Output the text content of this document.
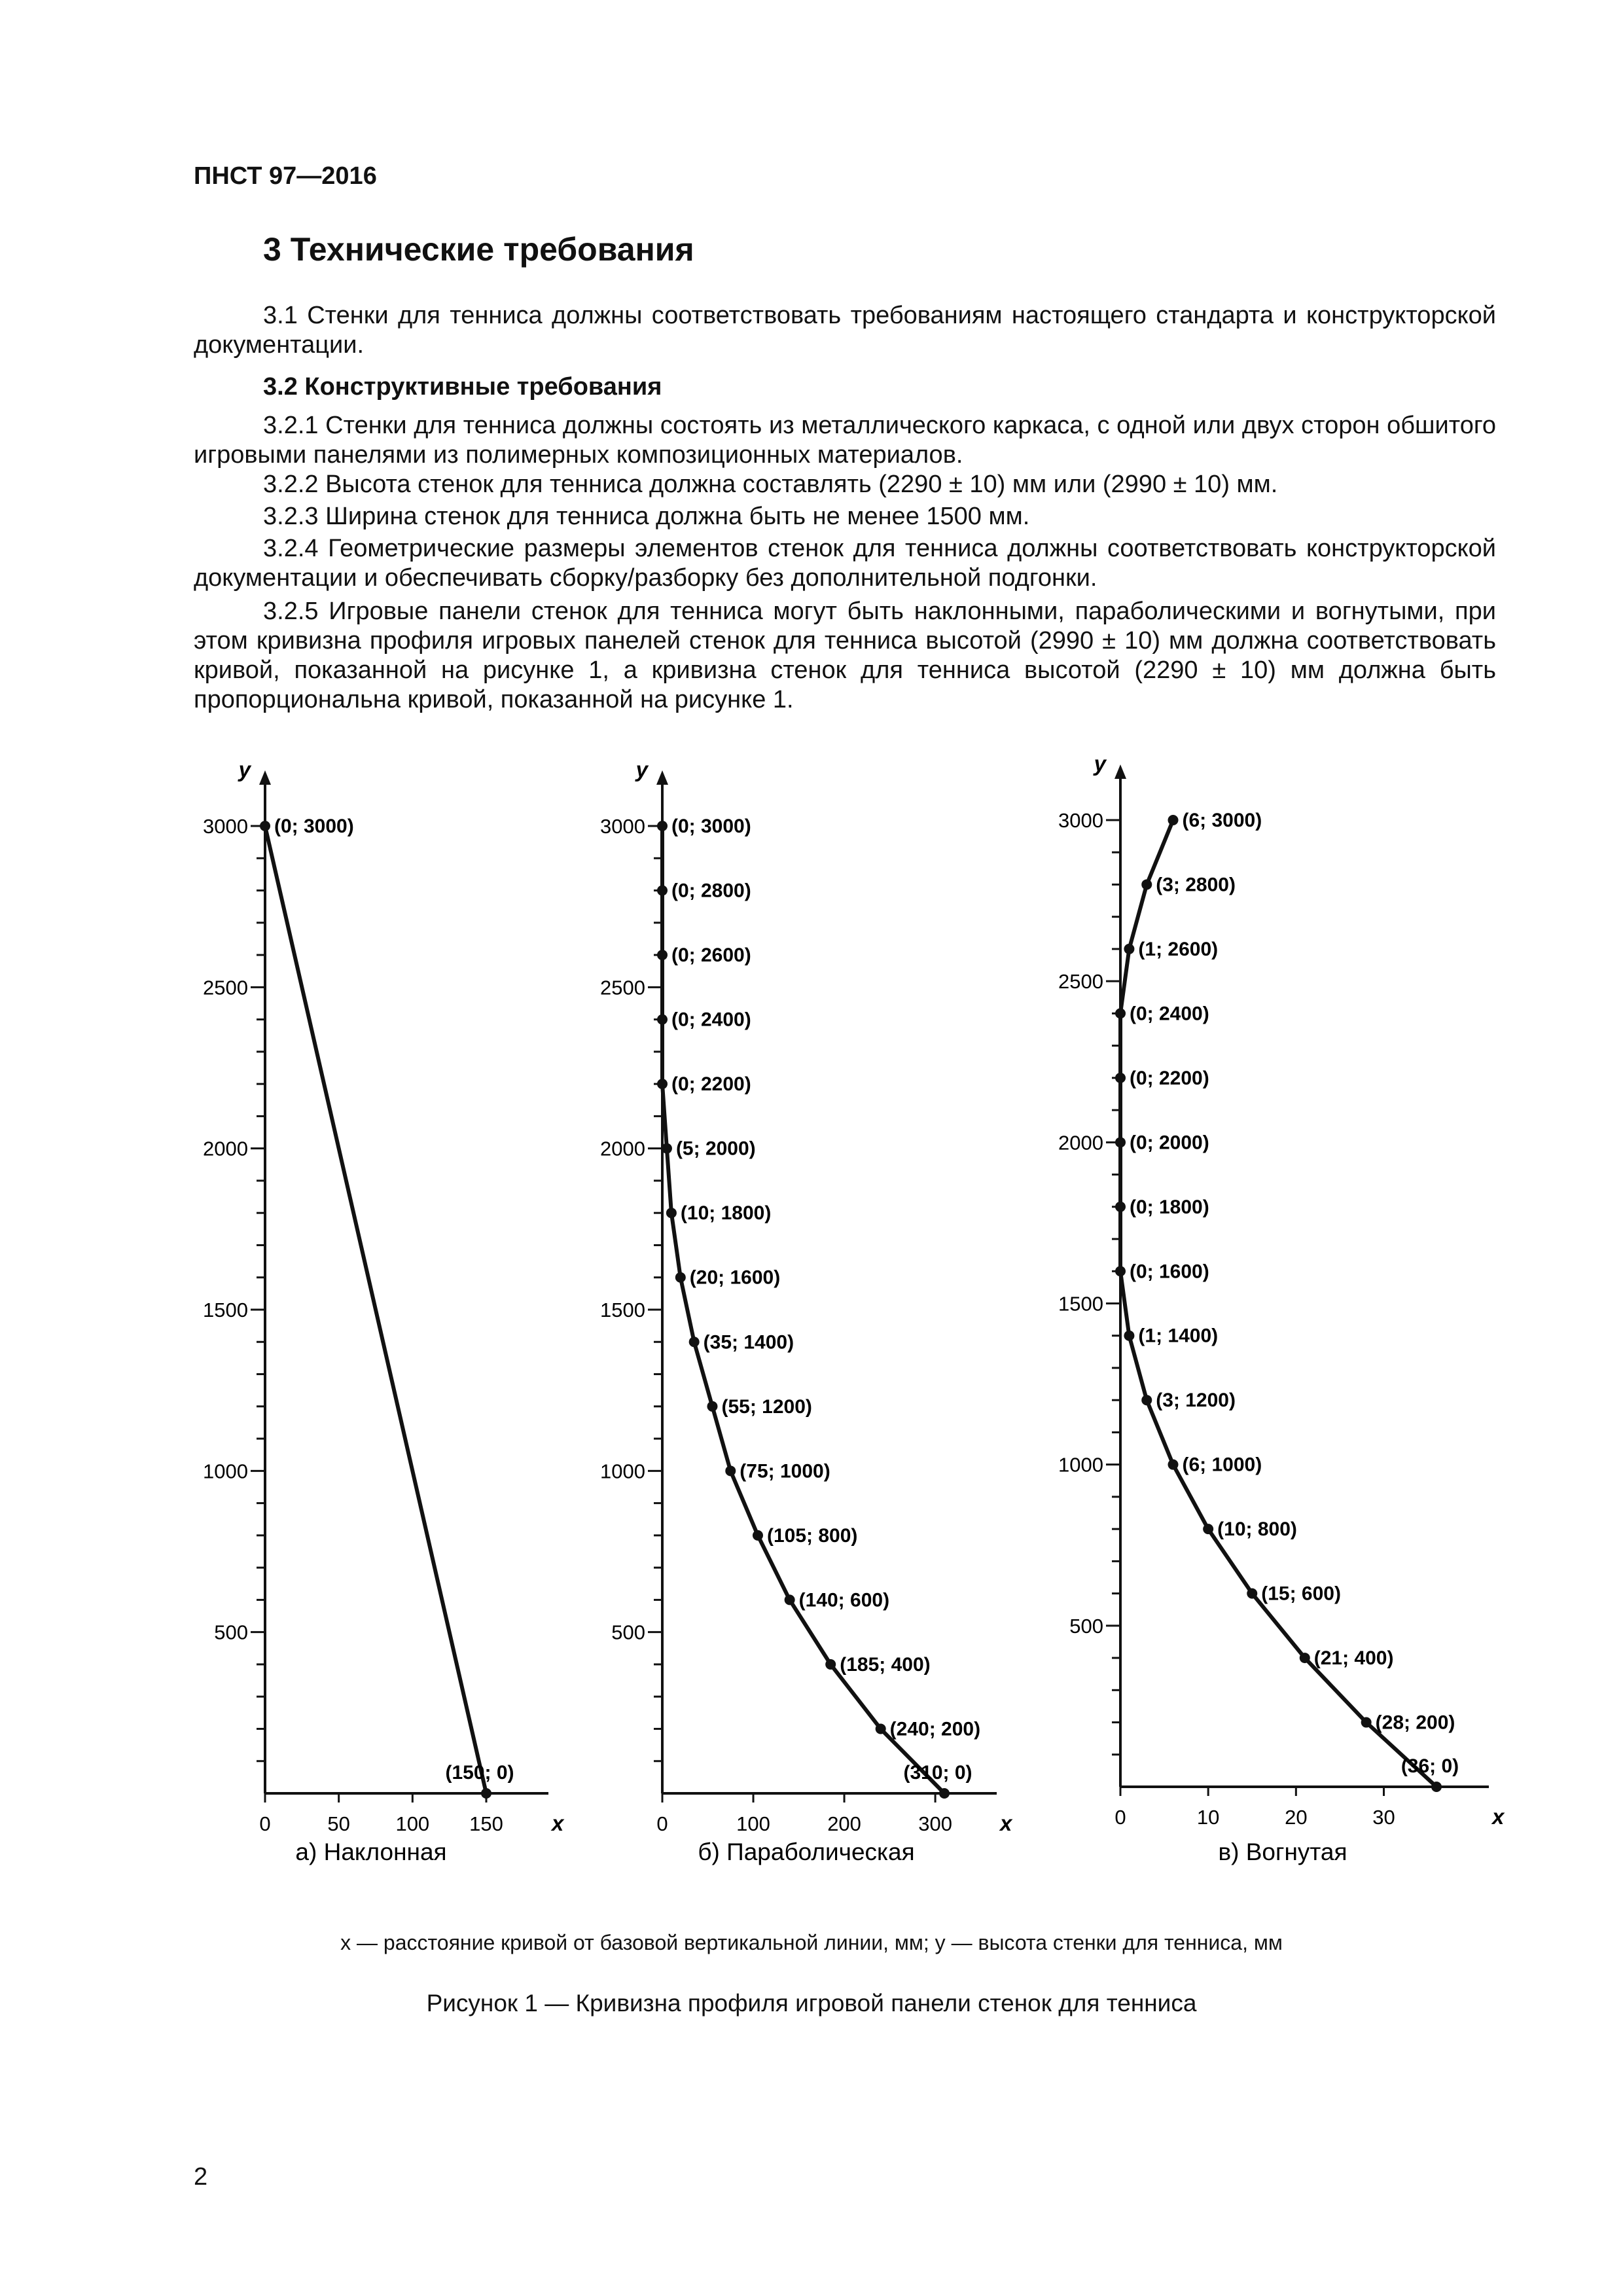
ПНСТ 97—2016
3 Технические требования
3.1 Стенки для тенниса должны соответствовать требованиям настоящего стандарта и конструкторской документации.
3.2 Конструктивные требования
3.2.1 Стенки для тенниса должны состоять из металлического каркаса, с одной или двух сторон обшитого игровыми панелями из полимерных композиционных материалов.
3.2.2 Высота стенок для тенниса должна составлять (2290 ± 10) мм или (2990 ± 10) мм.
3.2.3 Ширина стенок для тенниса должна быть не менее 1500 мм.
3.2.4 Геометрические размеры элементов стенок для тенниса должны соответствовать конструкторской документации и обеспечивать сборку/разборку без дополнительной подгонки.
3.2.5 Игровые панели стенок для тенниса могут быть наклонными, параболическими и вогнутыми, при этом кривизна профиля игровых панелей стенок для тенниса высотой (2990 ± 10) мм должна соответствовать кривой, показанной на рисунке 1, а кривизна стенок для тенниса высотой (2290 ± 10) мм должна быть пропорциональна кривой, показанной на рисунке 1.
500
1000
1500
2000
2500
3000
0	50 100 150
y
x
(0; 3000)
(150; 0)
а) Наклонная
500
1000
1500
2000
2500
3000
0	100	200	300
y
x
(0; 3000)
(0; 2800)
(0; 2600)
(0; 2400)
(0; 2200)
(5; 2000)
(10; 1800)
(20; 1600)
(35; 1400)
(55; 1200)
(75; 1000)
(105; 800)
(140; 600)
(185; 400)
(240; 200)
(310; 0)
б) Параболическая
500
1000
1500
2000
2500
3000
0	10	20	30
y
x
(6; 3000)
(3; 2800)
(1; 2600)
(0; 2400)
(0; 2200)
(0; 2000)
(0; 1800)
(0; 1600)
(1; 1400)
(3; 1200)
(6; 1000)
(10; 800)
(15; 600)
(21; 400)
(28; 200)
(36; 0)
в) Вогнутая
x — расстояние кривой от базовой вертикальной линии, мм; y — высота стенки для тенниса, мм
Рисунок 1 — Кривизна профиля игровой панели стенок для тенниса
2
